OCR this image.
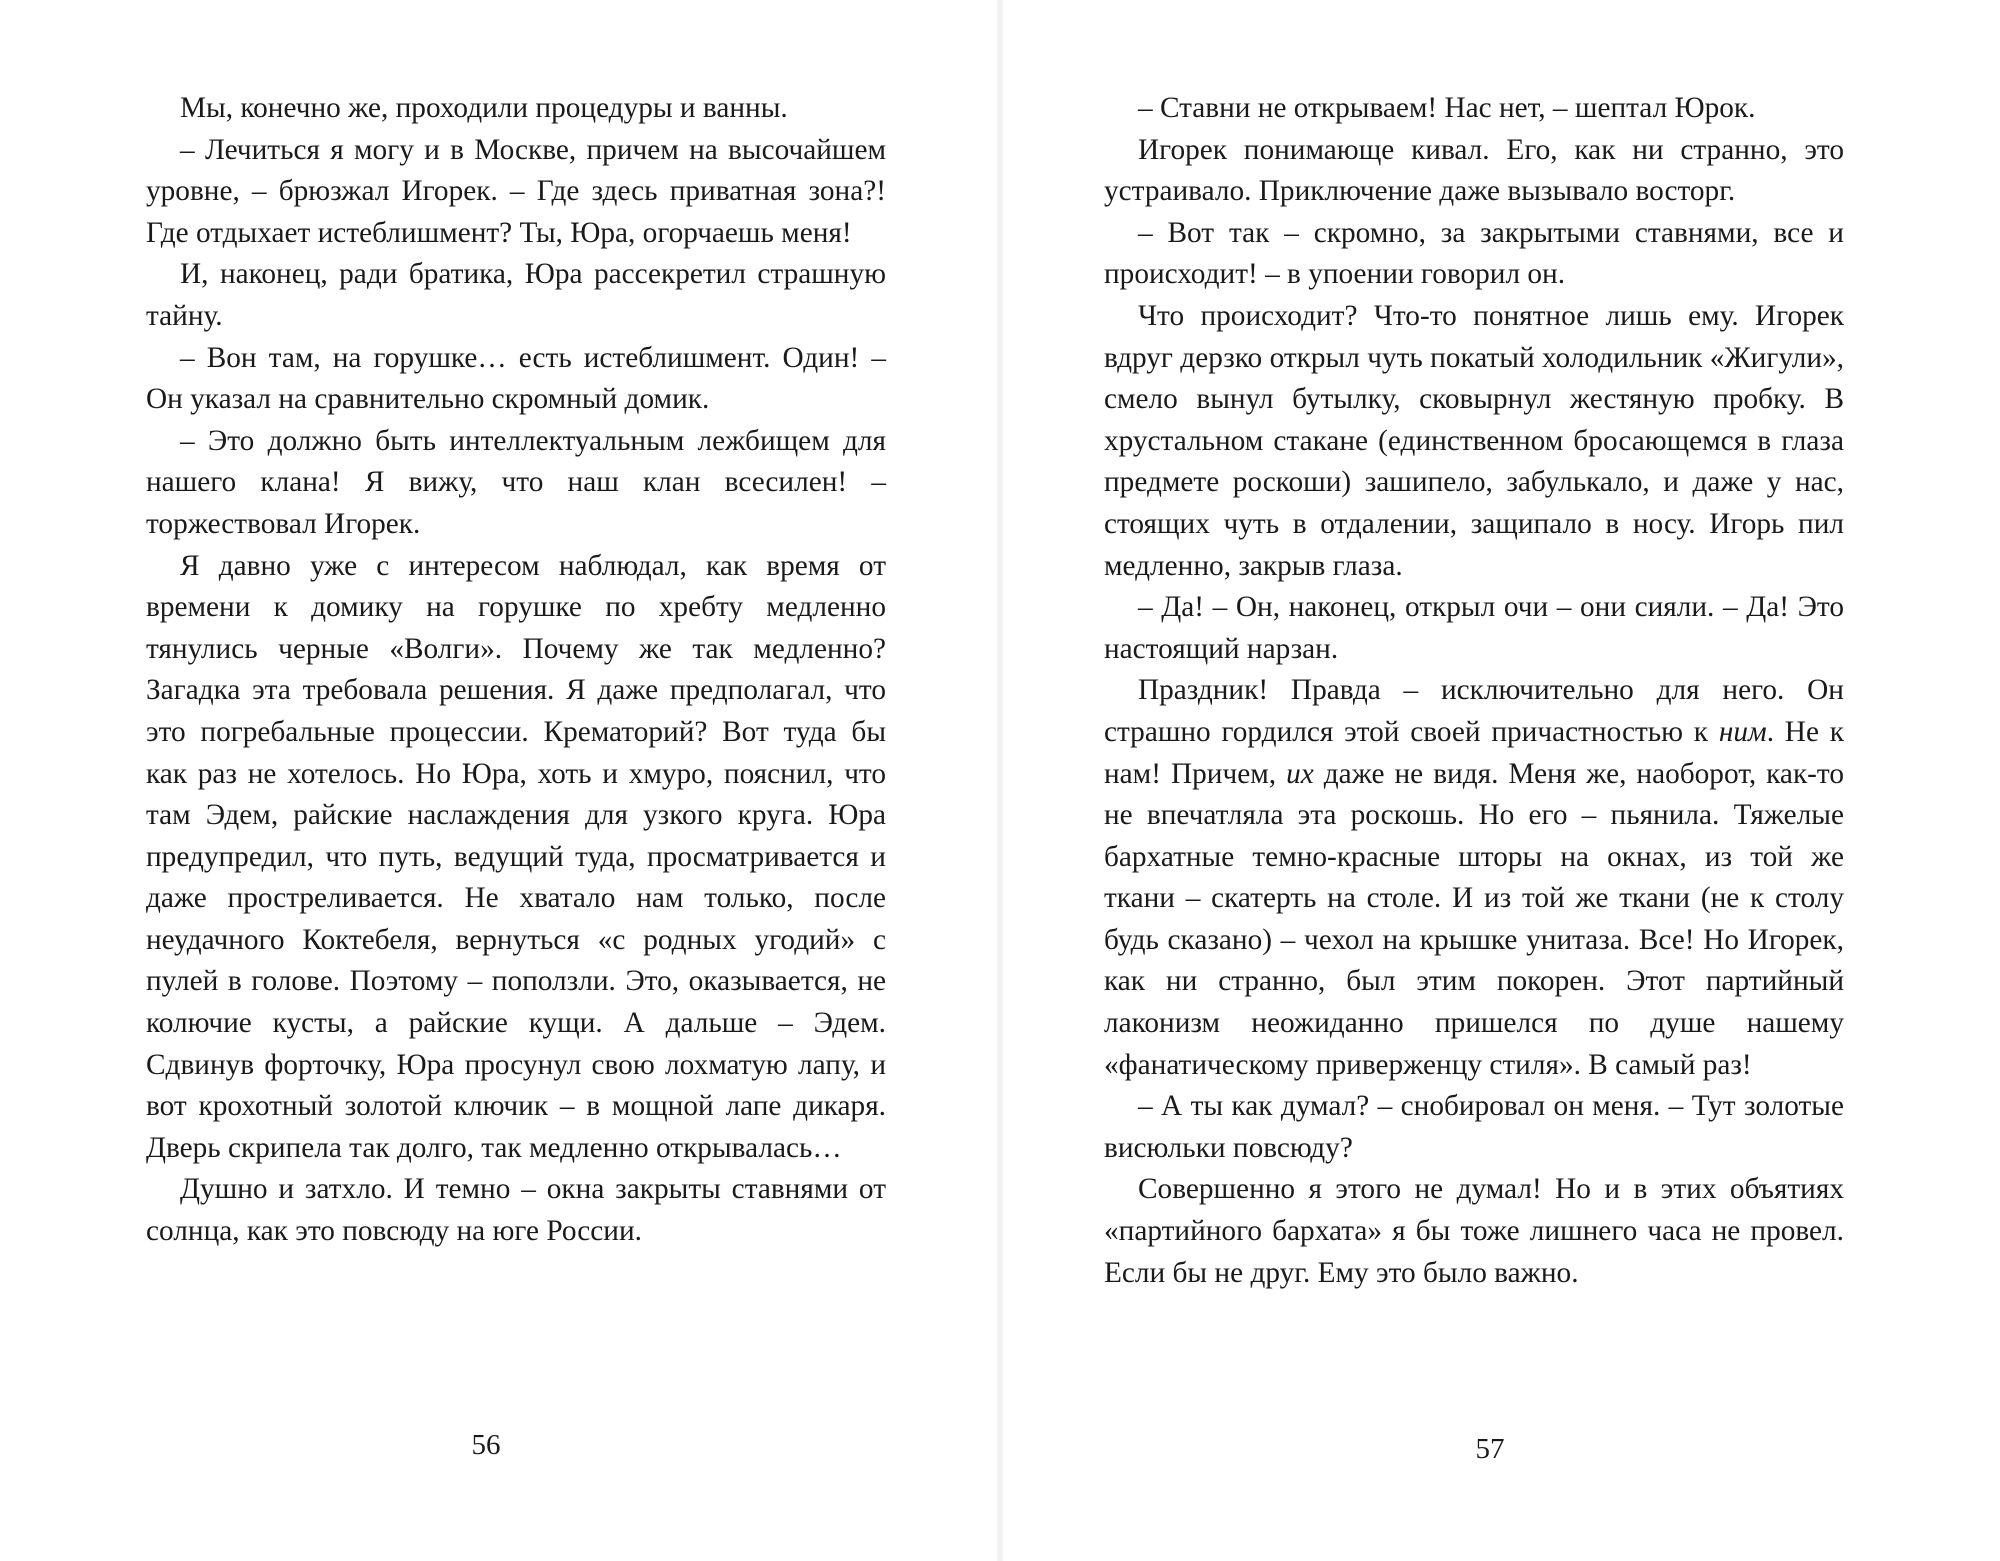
Мы, конечно же, проходили процедуры и ванны.

– Лечиться я могу и в Москве, причем на высочайшем уровне, – брюзжал Игорек. – Где здесь приватная зона?! Где отдыхает истеблишмент? Ты, Юра, огорчаешь меня!

И, наконец, ради братика, Юра рассекретил страшную тайну.

– Вон там, на горушке… есть истеблишмент. Один! – Он указал на сравнительно скромный домик.

– Это должно быть интеллектуальным лежбищем для нашего клана! Я вижу, что наш клан всесилен! – торжествовал Игорек.

Я давно уже с интересом наблюдал, как время от времени к домику на горушке по хребту медленно тянулись черные «Волги». Почему же так медленно? Загадка эта требовала решения. Я даже предполагал, что это погребальные процессии. Крематорий? Вот туда бы как раз не хотелось. Но Юра, хоть и хмуро, пояснил, что там Эдем, райские наслаждения для узкого круга. Юра предупредил, что путь, ведущий туда, просматривается и даже простреливается. Не хватало нам только, после неудачного Коктебеля, вернуться «с родных угодий» с пулей в голове. Поэтому – поползли. Это, оказывается, не колючие кусты, а райские кущи. А дальше – Эдем. Сдвинув форточку, Юра просунул свою лохматую лапу, и вот крохотный золотой ключик – в мощной лапе дикаря. Дверь скрипела так долго, так медленно открывалась…

Душно и затхло. И темно – окна закрыты ставнями от солнца, как это повсюду на юге России.

– Ставни не открываем! Нас нет, – шептал Юрок.

Игорек понимающе кивал. Его, как ни странно, это устраивало. Приключение даже вызывало восторг.

– Вот так – скромно, за закрытыми ставнями, все и происходит! – в упоении говорил он.

Что происходит? Что-то понятное лишь ему. Игорек вдруг дерзко открыл чуть покатый холодильник «Жигули», смело вынул бутылку, сковырнул жестяную пробку. В хрустальном стакане (единственном бросающемся в глаза предмете роскоши) зашипело, забулькало, и даже у нас, стоящих чуть в отдалении, защипало в носу. Игорь пил медленно, закрыв глаза.

– Да! – Он, наконец, открыл очи – они сияли. – Да! Это настоящий нарзан.

Праздник! Правда – исключительно для него. Он страшно гордился этой своей причастностью к ним. Не к нам! Причем, их даже не видя. Меня же, наоборот, как-то не впечатляла эта роскошь. Но его – пьянила. Тяжелые бархатные темно-красные шторы на окнах, из той же ткани – скатерть на столе. И из той же ткани (не к столу будь сказано) – чехол на крышке унитаза. Все! Но Игорек, как ни странно, был этим покорен. Этот партийный лаконизм неожиданно пришелся по душе нашему «фанатическому приверженцу стиля». В самый раз!

– А ты как думал? – снобировал он меня. – Тут золотые висюльки повсюду?

Совершенно я этого не думал! Но и в этих объятиях «партийного бархата» я бы тоже лишнего часа не провел. Если бы не друг. Ему это было важно.

56	57
